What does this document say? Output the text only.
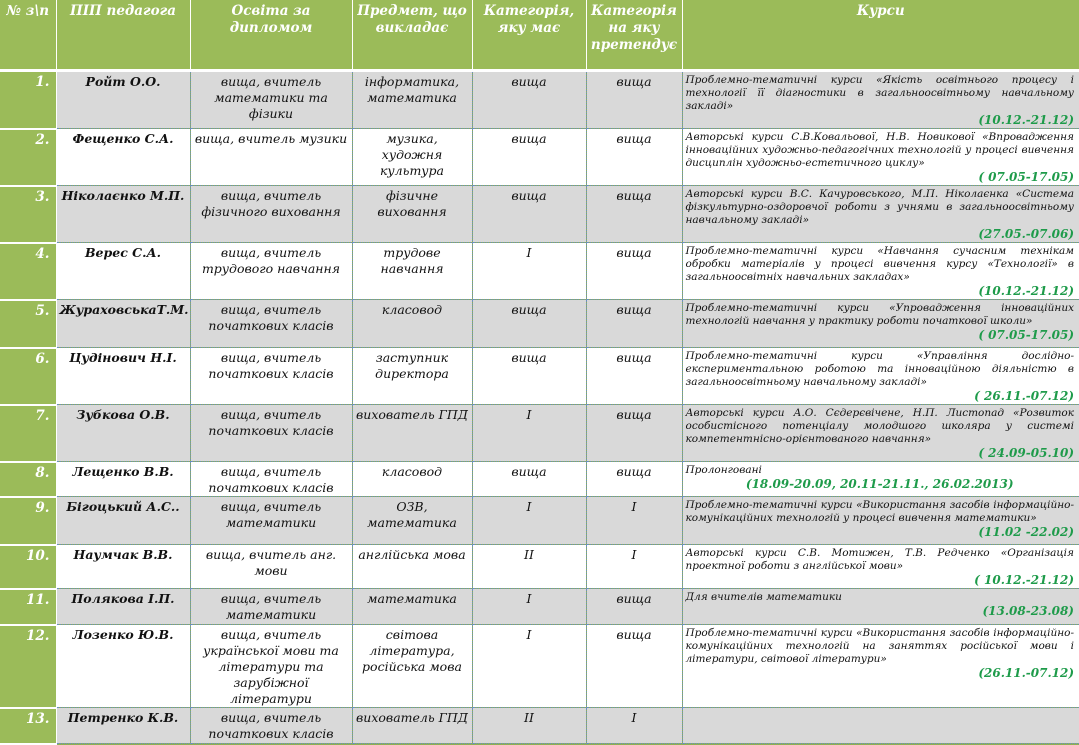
№ з\п	ПІП педагога	Освіта за дипломом	Предмет, що викладає	Категорія, яку має	Категорія на яку претендує	Курси
1.	Ройт О.О.	вища, вчитель математики та фізики	інформатика, математика	вища	вища	Проблемно-тематичні курси «Якість освітнього процесу і технології її діагностики в загальноосвітньому навчальному закладі»
(10.12.-21.12)

2.	Фещенко С.А.	вища, вчитель музики	музика, художня культура	вища	вища	Авторські курси С.В.Ковальової, Н.В. Новикової «Впровадження інноваційних художньо-педагогічних технологій у процесі вивчення дисциплін художньо-естетичного циклу»
( 07.05-17.05)

3.	Ніколаєнко М.П.	вища, вчитель фізичного виховання	фізичне виховання	вища	вища	Авторські курси В.С. Качуровського, М.П. Ніколаєнка «Система фізкультурно-оздоровчої роботи з учнями в загальноосвітньому навчальному закладі»
(27.05.-07.06)

4.	Верес С.А.	вища, вчитель трудового навчання	трудове навчання	І	вища	Проблемно-тематичні курси «Навчання сучасним технікам обробки матеріалів у процесі вивчення курсу «Технології» в загальноосвітніх навчальних закладах»
(10.12.-21.12)

5.	ЖураховськаТ.М.	вища, вчитель початкових класів	класовод	вища	вища	Проблемно-тематичні курси «Упровадження інноваційних технологій навчання у практику роботи початкової школи»
( 07.05-17.05)

6.	Цудінович Н.І.	вища, вчитель початкових класів	заступник директора	вища	вища	Проблемно-тематичні курси «Управління дослідно-експериментальною роботою та інноваційною діяльністю в загальноосвітньому навчальному закладі»
( 26.11.-07.12)

7.	Зубкова О.В.	вища, вчитель початкових класів	вихователь ГПД	І	вища	Авторські курси А.О. Сєдерєвічене, Н.П. Листопад «Розвиток особистісного потенціалу молодшого школяра у системі компетентнісно-орієнтованого навчання»
( 24.09-05.10)

8.	Лещенко В.В.	вища, вчитель початкових класів	класовод	вища	вища	Пролонговані
(18.09-20.09, 20.11-21.11., 26.02.2013)

9.	Бігоцький А.С..	вища, вчитель математики	ОЗВ, математика	І	І	Проблемно-тематичні курси «Використання засобів інформаційно-комунікаційних технологій у процесі вивчення математики»
(11.02 -22.02)

10.	Наумчак В.В.	вища, вчитель анг. мови	англійська мова	ІІ	І	Авторські курси С.В. Мотижен, Т.В. Редченко «Організація проектної роботи з англійської мови»
( 10.12.-21.12)

11.	Полякова І.П.	вища, вчитель математики	математика	І	вища	Для вчителів математики
(13.08-23.08)

12.	Лозенко Ю.В.	вища, вчитель української мови та літератури та зарубіжної літератури	світова література, російська мова	І	вища	Проблемно-тематичні курси «Використання засобів інформаційно-комунікаційних технологій на заняттях російської мови і літератури, світової літератури»
(26.11.-07.12)

13.	Петренко К.В.	вища, вчитель початкових класів	вихователь ГПД	ІІ	І	
